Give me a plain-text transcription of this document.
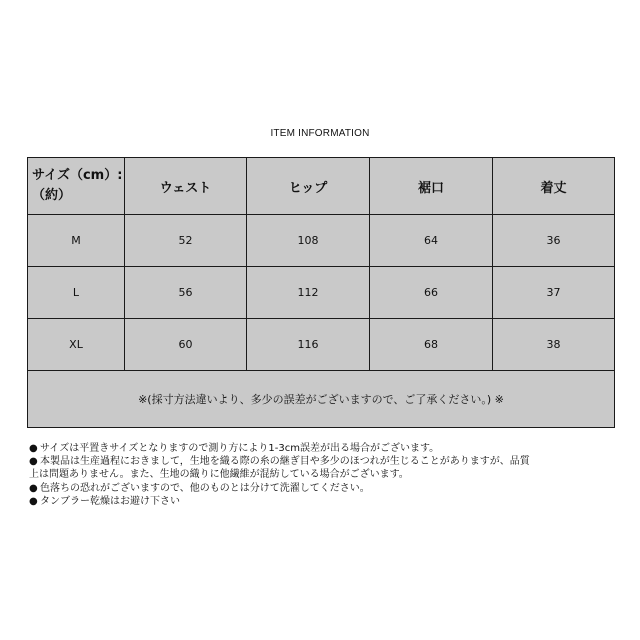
ITEM INFORMATION
サイズ（cm）:
（約）	ウェスト	ヒップ	裾口	着丈
M	52	108	64	36
L	56	112	66	37
XL	60	116	68	38
※(採寸方法違いより、多少の誤差がございますので、ご了承ください。) ※				
● サイズは平置きサイズとなりますので測り方により1-3cm誤差が出る場合がございます。
● 本製品は生産過程におきまして，生地を織る際の糸の継ぎ目や多少のほつれが生じることがありますが、品質
上は問題ありません。また、生地の織りに他繊維が混紡している場合がございます。
● 色落ちの恐れがございますので、他のものとは分けて洗濯してください。
● タンブラー乾燥はお避け下さい
